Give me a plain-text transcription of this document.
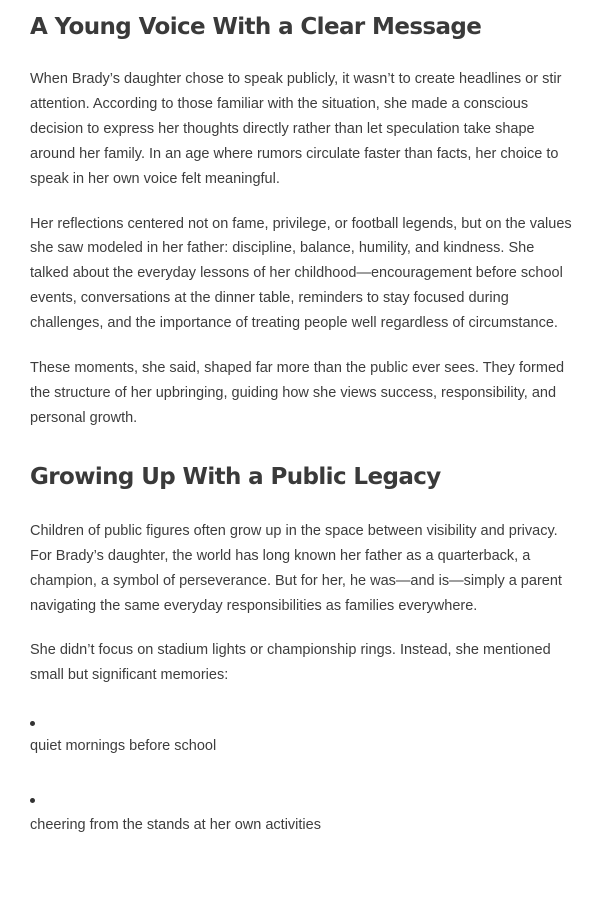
A Young Voice With a Clear Message

When Brady’s daughter chose to speak publicly, it wasn’t to create headlines or stir attention. According to those familiar with the situation, she made a conscious decision to express her thoughts directly rather than let speculation take shape around her family. In an age where rumors circulate faster than facts, her choice to speak in her own voice felt meaningful.

Her reflections centered not on fame, privilege, or football legends, but on the values she saw modeled in her father: discipline, balance, humility, and kindness. She talked about the everyday lessons of her childhood—encouragement before school events, conversations at the dinner table, reminders to stay focused during challenges, and the importance of treating people well regardless of circumstance.

These moments, she said, shaped far more than the public ever sees. They formed the structure of her upbringing, guiding how she views success, responsibility, and personal growth.

Growing Up With a Public Legacy

Children of public figures often grow up in the space between visibility and privacy. For Brady’s daughter, the world has long known her father as a quarterback, a champion, a symbol of perseverance. But for her, he was—and is—simply a parent navigating the same everyday responsibilities as families everywhere.

She didn’t focus on stadium lights or championship rings. Instead, she mentioned small but significant memories:

quiet mornings before school
cheering from the stands at her own activities
